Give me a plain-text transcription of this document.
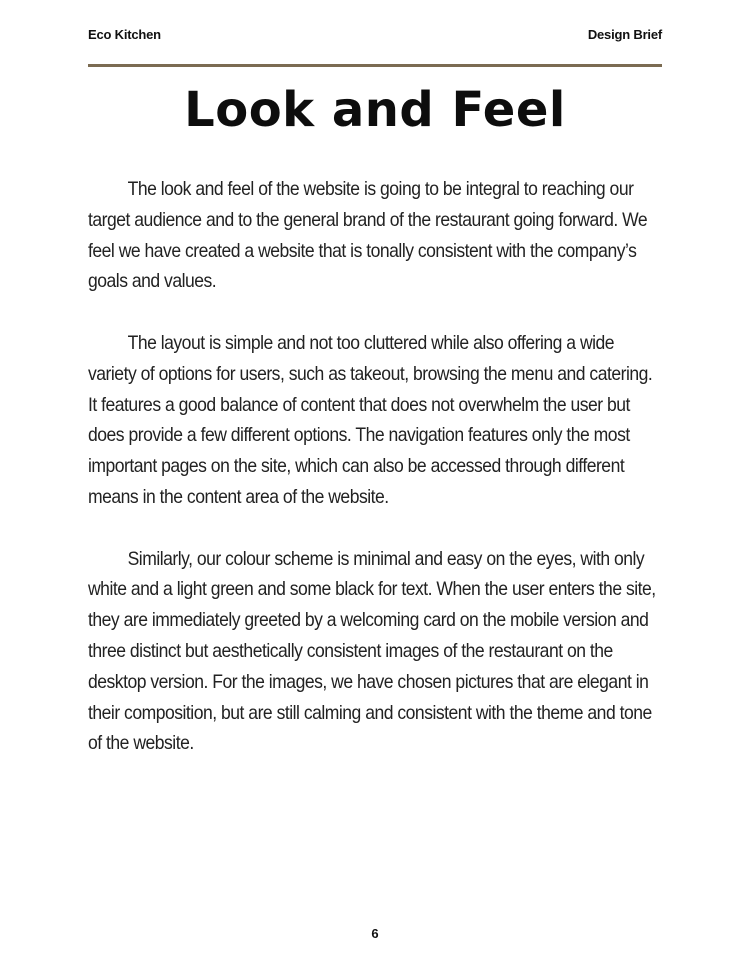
Eco Kitchen	Design Brief
Look and Feel

The look and feel of the website is going to be integral to reaching our target audience and to the general brand of the restaurant going forward. We feel we have created a website that is tonally consistent with the company’s goals and values.

The layout is simple and not too cluttered while also offering a wide variety of options for users, such as takeout, browsing the menu and catering. It features a good balance of content that does not overwhelm the user but does provide a few different options. The navigation features only the most important pages on the site, which can also be accessed through different means in the content area of the website.

Similarly, our colour scheme is minimal and easy on the eyes, with only white and a light green and some black for text. When the user enters the site, they are immediately greeted by a welcoming card on the mobile version and three distinct but aesthetically consistent images of the restaurant on the desktop version. For the images, we have chosen pictures that are elegant in their composition, but are still calming and consistent with the theme and tone of the website.

6
